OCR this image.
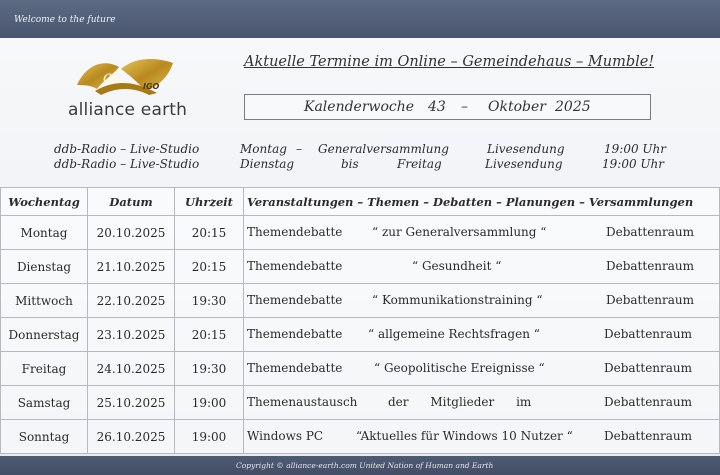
Welcome to the future
ae
IGO
alliance earth
Aktuelle Termine im Online – Gemeindehaus – Mumble!
Kalenderwoche 43 – Oktober 2025
ddb-Radio – Live-Studio	Montag – Generalversammlung	Livesendung	19:00 Uhr
ddb-Radio – Live-Studio	Dienstag	bis	Freitag	Livesendung	19:00 Uhr
Wochentag	Datum	Uhrzeit	Veranstaltungen – Themen – Debatten – Planungen – Versammlungen

Montag	20.10.2025	20:15	Themendebatte “ zur Generalversammlung “ Debattenraum

Dienstag	21.10.2025	20:15	Themendebatte “ Gesundheit “ Debattenraum

Mittwoch	22.10.2025	19:30	Themendebatte “ Kommunikationstraining “ Debattenraum

Donnerstag	23.10.2025	20:15	Themendebatte “ allgemeine Rechtsfragen “ Debattenraum

Freitag	24.10.2025	19:30	Themendebatte “ Geopolitische Ereignisse “ Debattenraum

Samstag	25.10.2025	19:00	Themenaustausch der Mitglieder im Debattenraum

Sonntag	26.10.2025	19:00	Windows PC “Aktuelles für Windows 10 Nutzer “ Debattenraum
Copyright © alliance-earth.com United Nation of Human and Earth
